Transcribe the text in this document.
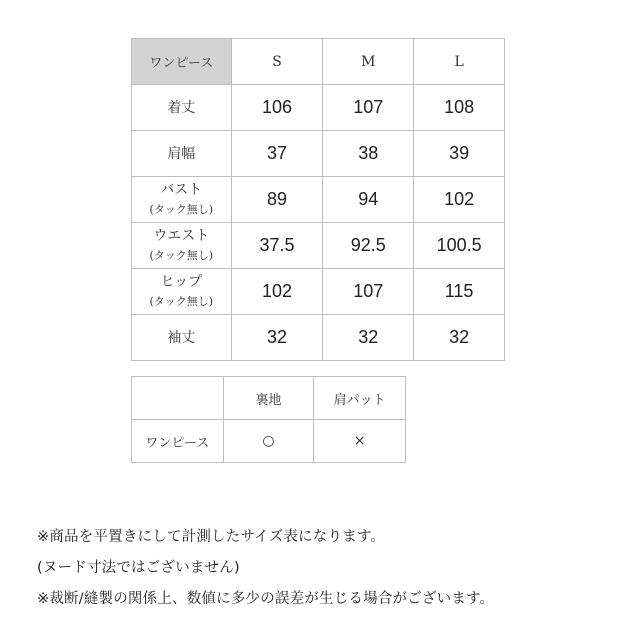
ワンピース	S	M	L
着丈	106	107	108
肩幅	37	38	39
バスト
(タック無し)	89	94	102
ウエスト
(タック無し)	37.5	92.5	100.5
ヒップ
(タック無し)	102	107	115
袖丈	32	32	32
	裏地	肩パット
ワンピース	○	×
※商品を平置きにして計測したサイズ表になります。
(ヌード寸法ではございません)
※裁断/縫製の関係上、数値に多少の誤差が生じる場合がございます。
